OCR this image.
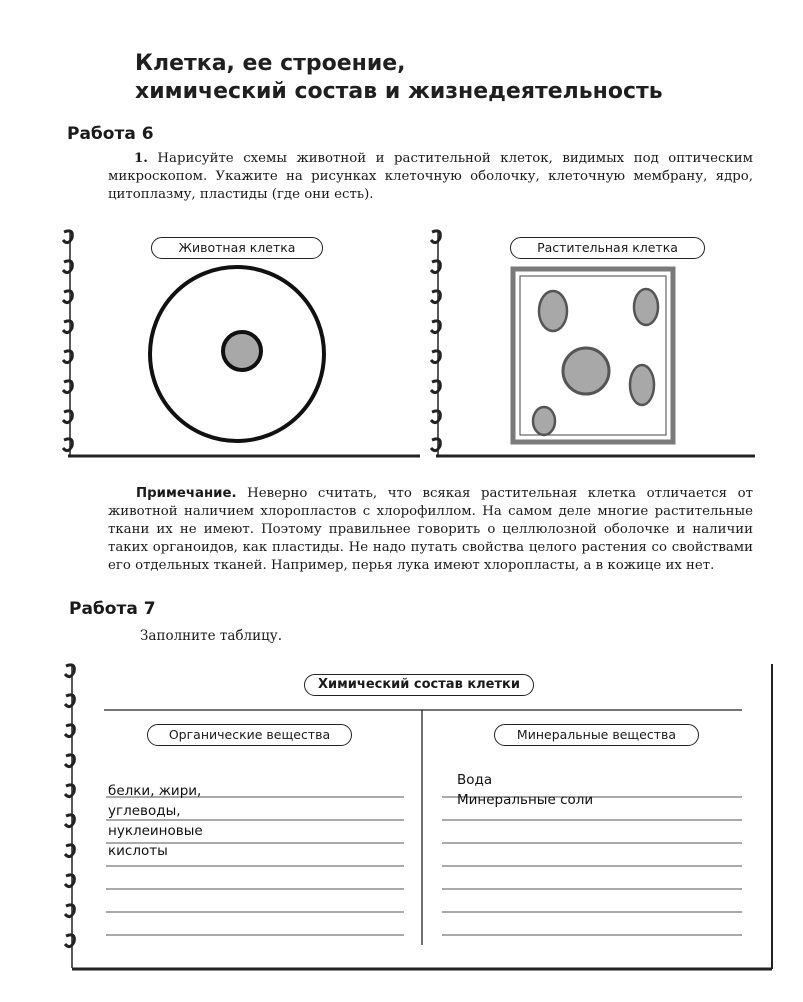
Клетка, ее строение,
химический состав и жизнедеятельность
Работа 6
1. Нарисуйте схемы животной и растительной клеток, видимых под оптическим микроскопом. Укажите на рисунках клеточную оболочку, клеточную мембрану, ядро, цитоплазму, пластиды (где они есть).
Животная клетка	Растительная клетка
Примечание. Неверно считать, что всякая растительная клетка отличается от животной наличием хлоропластов с хлорофиллом. На самом деле многие растительные ткани их не имеют. Поэтому правильнее говорить о целлюлозной оболочке и наличии таких органоидов, как пластиды. Не надо путать свойства целого растения со свойствами его отдельных тканей. Например, перья лука имеют хлоропласты, а в кожице их нет.
Работа 7
Заполните таблицу.
Химический состав клетки
Органические вещества	Минеральные вещества
белки, жири,
углеводы,
нуклеиновые
кислоты
Вода
Минеральные соли
